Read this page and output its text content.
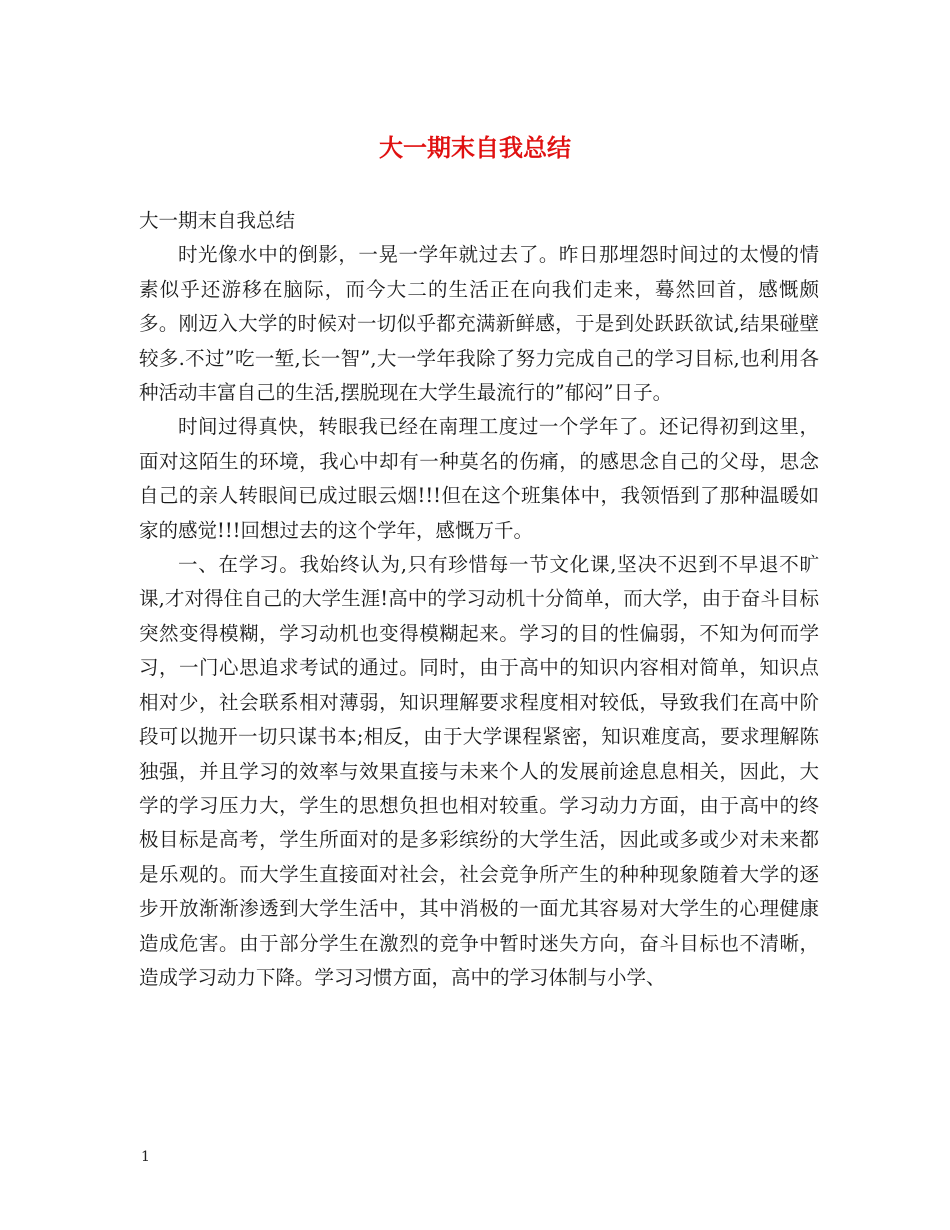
大一期末自我总结

大一期末自我总结

时光像水中的倒影，一晃一学年就过去了。昨日那埋怨时间过的太慢的情素似乎还游移在脑际，而今大二的生活正在向我们走来，蓦然回首，感慨颇多。刚迈入大学的时候对一切似乎都充满新鲜感，于是到处跃跃欲试,结果碰壁较多.不过”吃一堑,长一智”,大一学年我除了努力完成自己的学习目标,也利用各种活动丰富自己的生活,摆脱现在大学生最流行的”郁闷”日子。

时间过得真快，转眼我已经在南理工度过一个学年了。还记得初到这里，面对这陌生的环境，我心中却有一种莫名的伤痛，的感思念自己的父母，思念自己的亲人转眼间已成过眼云烟!!!但在这个班集体中，我领悟到了那种温暖如家的感觉!!!回想过去的这个学年，感慨万千。

一、在学习。我始终认为,只有珍惜每一节文化课,坚决不迟到不早退不旷课,才对得住自己的大学生涯!高中的学习动机十分简单，而大学，由于奋斗目标突然变得模糊，学习动机也变得模糊起来。学习的目的性偏弱，不知为何而学习，一门心思追求考试的通过。同时，由于高中的知识内容相对简单，知识点相对少，社会联系相对薄弱，知识理解要求程度相对较低，导致我们在高中阶段可以抛开一切只谋书本;相反，由于大学课程紧密，知识难度高，要求理解陈独强，并且学习的效率与效果直接与未来个人的发展前途息息相关，因此，大学的学习压力大，学生的思想负担也相对较重。学习动力方面，由于高中的终极目标是高考，学生所面对的是多彩缤纷的大学生活，因此或多或少对未来都是乐观的。而大学生直接面对社会，社会竞争所产生的种种现象随着大学的逐步开放渐渐渗透到大学生活中，其中消极的一面尤其容易对大学生的心理健康造成危害。由于部分学生在激烈的竞争中暂时迷失方向，奋斗目标也不清晰，造成学习动力下降。学习习惯方面，高中的学习体制与小学、

1
